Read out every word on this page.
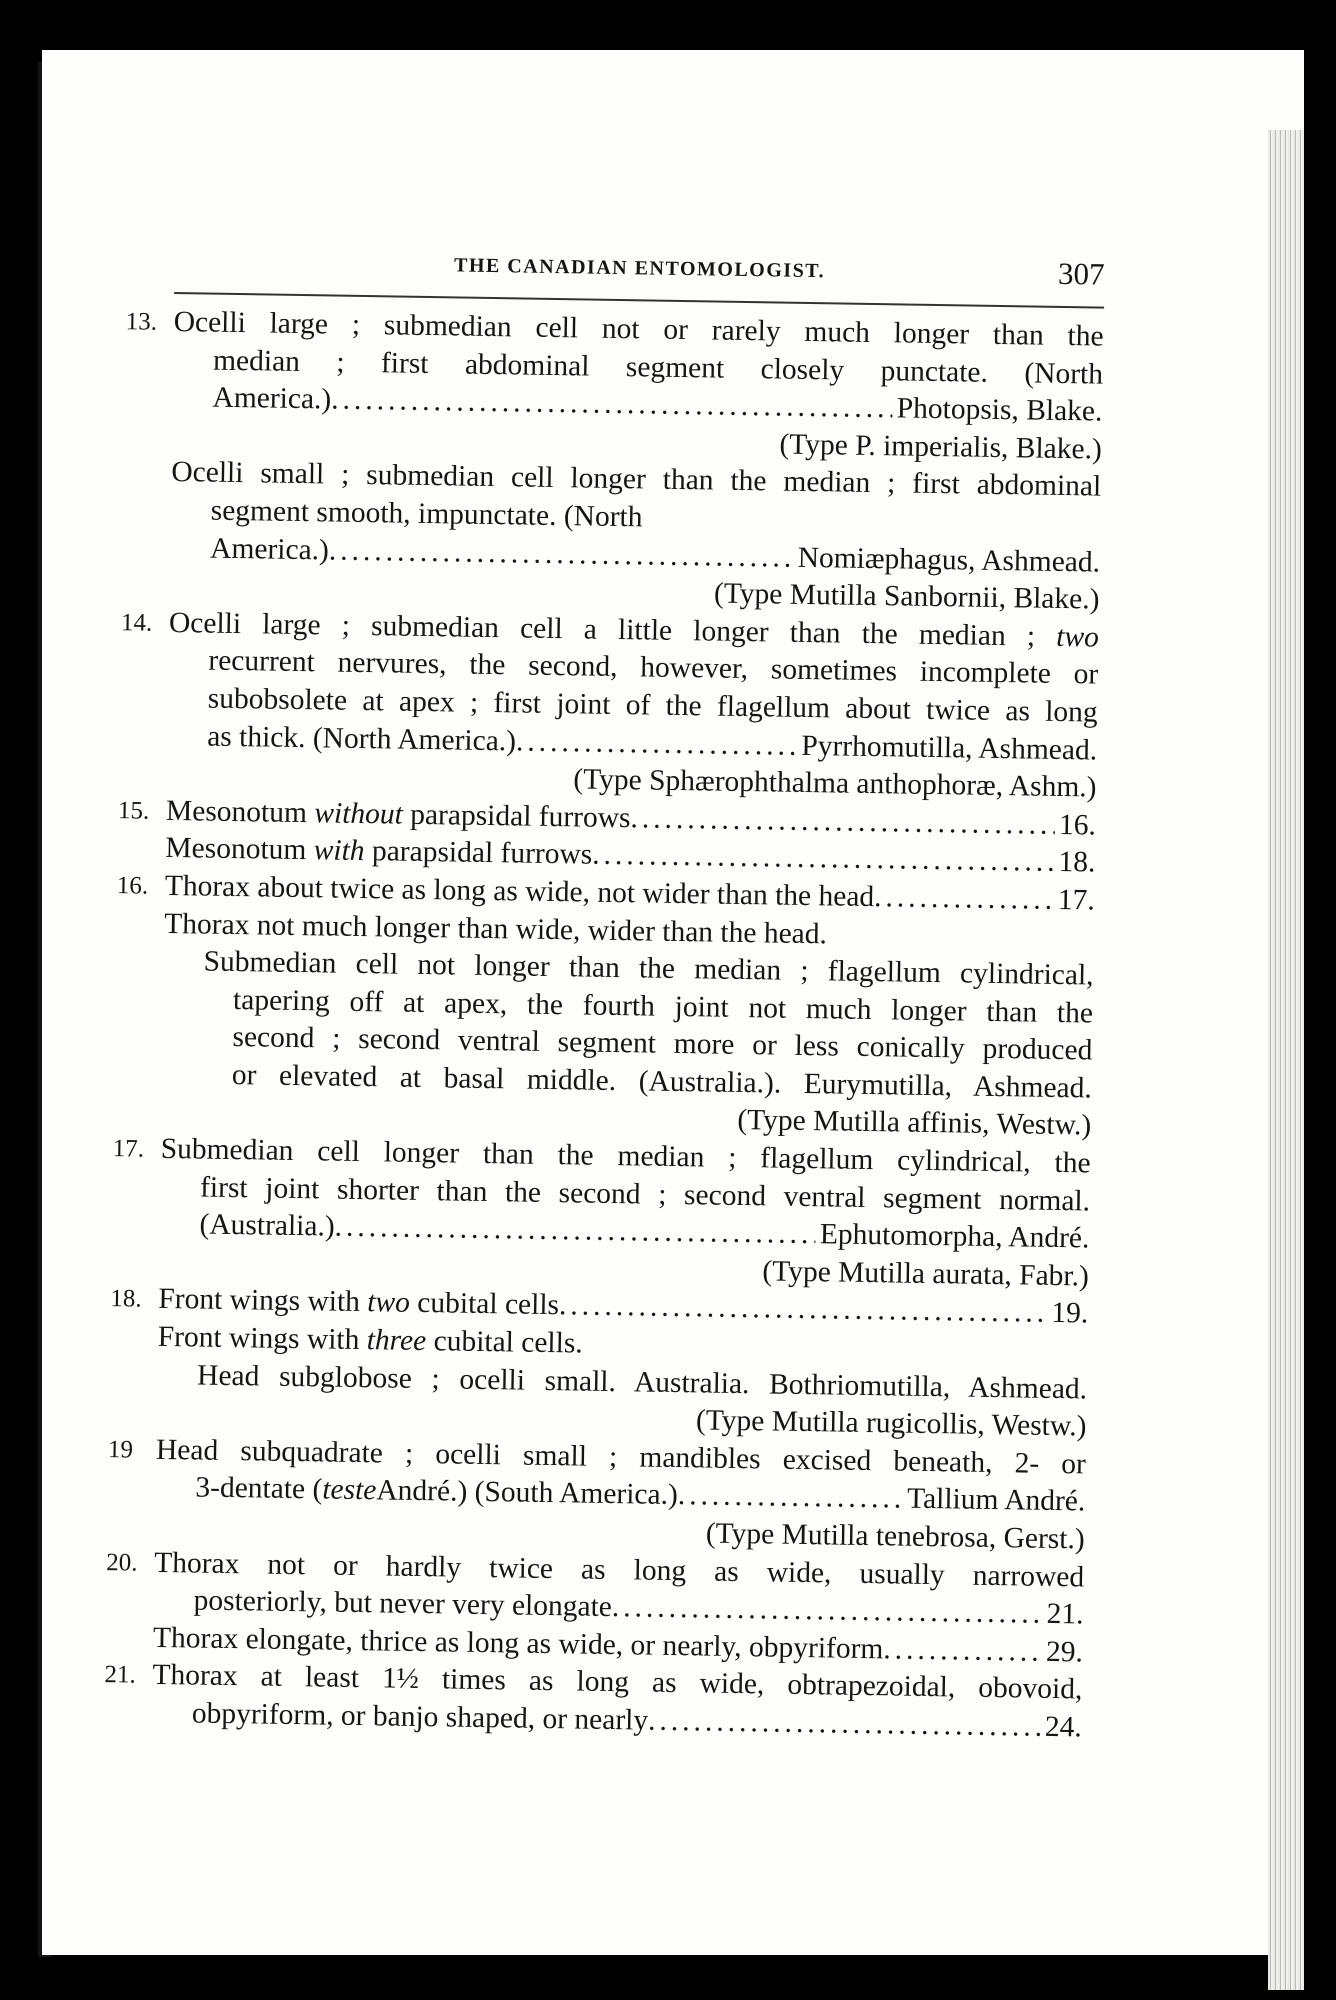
THE CANADIAN ENTOMOLOGIST.	307
13. Ocelli large ; submedian cell not or rarely much longer than the
median ; first abdominal segment closely punctate. (North
America.) .....	Photopsis, Blake.
(Type P. imperialis, Blake.)
Ocelli small ; submedian cell longer than the median ; first abdominal
segment smooth, impunctate. (North
America.) .....	Nomiæphagus, Ashmead.
(Type Mutilla Sanbornii, Blake.)
14. Ocelli large ; submedian cell a little longer than the median ; two
recurrent nervures, the second, however, sometimes incomplete or
subobsolete at apex ; first joint of the flagellum about twice as long
as thick. (North America.) .....	Pyrrhomutilla, Ashmead.
(Type Sphærophthalma anthophoræ, Ashm.)
15. Mesonotum without parapsidal furrows .....	16.
Mesonotum with parapsidal furrows .....	18.
16. Thorax about twice as long as wide, not wider than the head .....	17.
Thorax not much longer than wide, wider than the head.
Submedian cell not longer than the median ; flagellum cylindrical,
tapering off at apex, the fourth joint not much longer than the
second ; second ventral segment more or less conically produced
or elevated at basal middle. (Australia.). Eurymutilla, Ashmead.
(Type Mutilla affinis, Westw.)
17. Submedian cell longer than the median ; flagellum cylindrical, the
first joint shorter than the second ; second ventral segment normal.
(Australia.) .....	Ephutomorpha, André.
(Type Mutilla aurata, Fabr.)
18. Front wings with two cubital cells .....	19.
Front wings with three cubital cells.
Head subglobose ; ocelli small. Australia. Bothriomutilla, Ashmead.
(Type Mutilla rugicollis, Westw.)
19 Head subquadrate ; ocelli small ; mandibles excised beneath, 2- or
3-dentate (testeAndré.) (South America.) .....	Tallium André.
(Type Mutilla tenebrosa, Gerst.)
20. Thorax not or hardly twice as long as wide, usually narrowed
posteriorly, but never very elongate .....	21.
Thorax elongate, thrice as long as wide, or nearly, obpyriform .....	29.
21. Thorax at least 1½ times as long as wide, obtrapezoidal, obovoid,
obpyriform, or banjo shaped, or nearly .....	24.
